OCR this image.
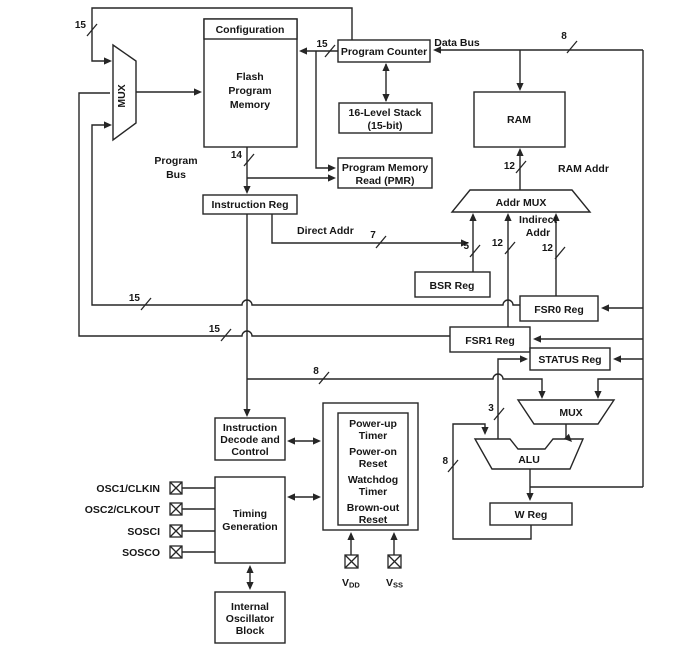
Flash
Program
Memory
Configuration
Program Counter
16-Level Stack
(15-bit)
Program Memory
Read (PMR)
RAM
Instruction Reg
BSR Reg
FSR0 Reg
FSR1 Reg
STATUS Reg
W Reg
Instruction
Decode and
Control
Timing
Generation
Internal
Oscillator
Block
Power-up
Timer
Power-on
Reset
Watchdog
Timer
Brown-out
Reset
MUX
Addr MUX
MUX
ALU
15
15
15
15
8
14
12
5 12	12
7
8
3
8
Data Bus
RAM Addr
Indirect
Addr
Direct Addr
Program
Bus
OSC1/CLKIN
OSC2/CLKOUT
SOSCI
SOSCO
VDD VSS
